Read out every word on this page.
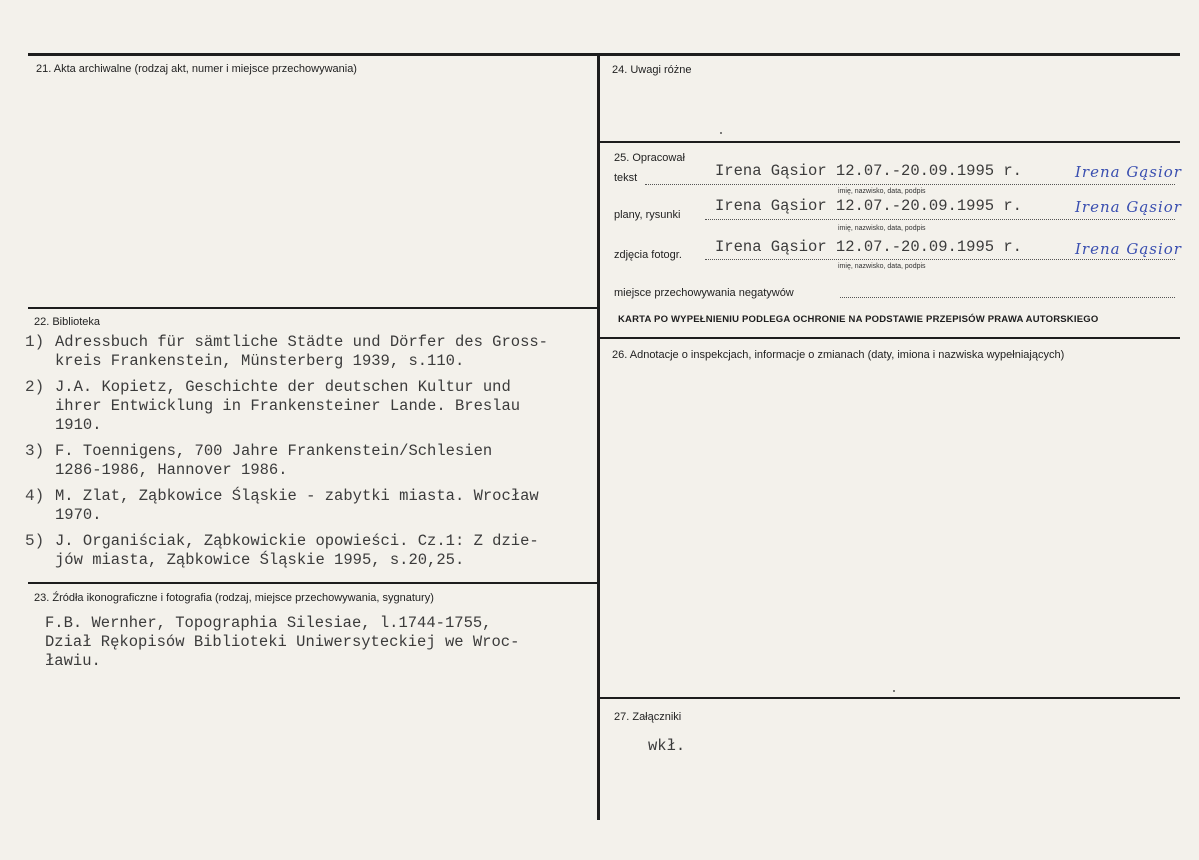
21. Akta archiwalne (rodzaj akt, numer i miejsce przechowywania)
22. Biblioteka
1) Adressbuch für sämtliche Städte und Dörfer des Gross-
kreis Frankenstein, Münsterberg 1939, s.110.
2) J.A. Kopietz, Geschichte der deutschen Kultur und
ihrer Entwicklung in Frankensteiner Lande. Breslau
1910.
3) F. Toennigens, 700 Jahre Frankenstein/Schlesien
1286-1986, Hannover 1986.
4) M. Zlat, Ząbkowice Śląskie - zabytki miasta. Wrocław
1970.
5) J. Organiściak, Ząbkowickie opowieści. Cz.1: Z dzie-
jów miasta, Ząbkowice Śląskie 1995, s.20,25.
23. Źródła ikonograficzne i fotografia (rodzaj, miejsce przechowywania, sygnatury)
F.B. Wernher, Topographia Silesiae, l.1744-1755,
Dział Rękopisów Biblioteki Uniwersyteckiej we Wroc-
ławiu.
24. Uwagi różne
25. Opracował
tekst	Irena Gąsior 12.07.-20.09.1995 r.	Irena Gąsior
imię, nazwisko, data, podpis
plany, rysunki Irena Gąsior 12.07.-20.09.1995 r.	Irena Gąsior
imię, nazwisko, data, podpis
zdjęcia fotogr. Irena Gąsior 12.07.-20.09.1995 r.	Irena Gąsior
imię, nazwisko, data, podpis
miejsce przechowywania negatywów
KARTA PO WYPEŁNIENIU PODLEGA OCHRONIE NA PODSTAWIE PRZEPISÓW PRAWA AUTORSKIEGO
26. Adnotacje o inspekcjach, informacje o zmianach (daty, imiona i nazwiska wypełniających)
27. Załączniki
wkł.
